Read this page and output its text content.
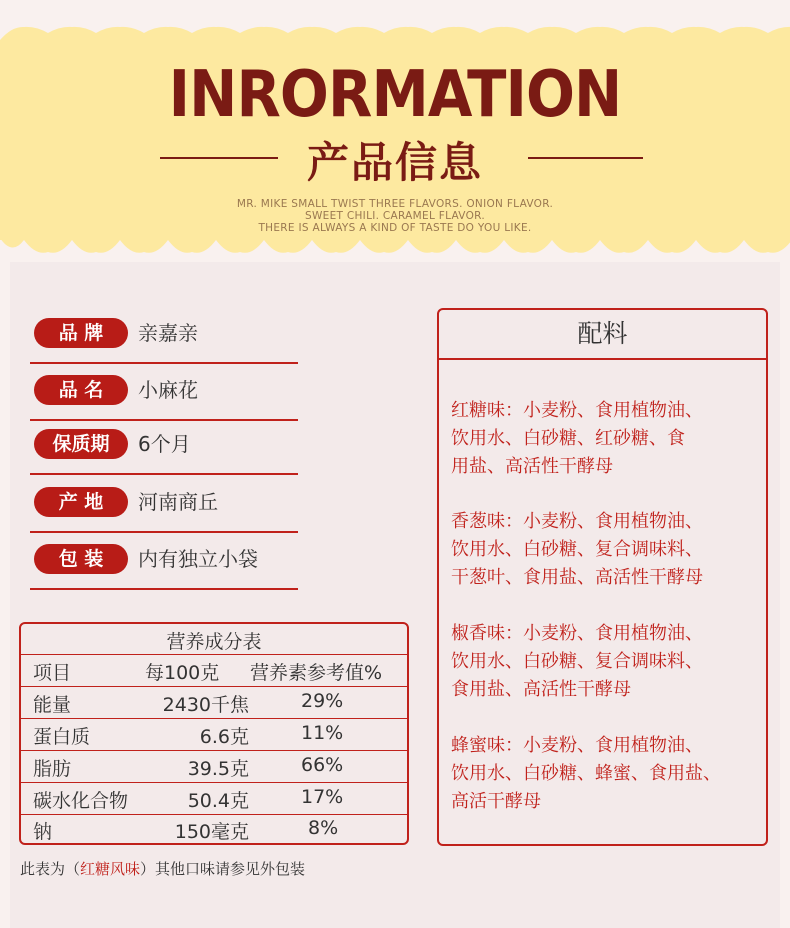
INRORMATION
产品信息
MR. MIKE SMALL TWIST THREE FLAVORS. ONION FLAVOR.
SWEET CHILI. CARAMEL FLAVOR.
THERE IS ALWAYS A KIND OF TASTE DO YOU LIKE.
品 牌	亲嘉亲
品 名	小麻花
保质期	6个月
产 地	河南商丘
包 装	内有独立小袋
营养成分表
项目	每100克 营养素参考值%
能量	2430千焦	29%
蛋白质	6.6克	11%
脂肪	39.5克	66%
碳水化合物	50.4克	17%
钠	150毫克	8%
此表为（红糖风味）其他口味请参见外包装
配料
红糖味：小麦粉、食用植物油、
饮用水、白砂糖、红砂糖、食
用盐、高活性干酵母
香葱味：小麦粉、食用植物油、
饮用水、白砂糖、复合调味料、
干葱叶、食用盐、高活性干酵母
椒香味：小麦粉、食用植物油、
饮用水、白砂糖、复合调味料、
食用盐、高活性干酵母
蜂蜜味：小麦粉、食用植物油、
饮用水、白砂糖、蜂蜜、食用盐、
高活干酵母
